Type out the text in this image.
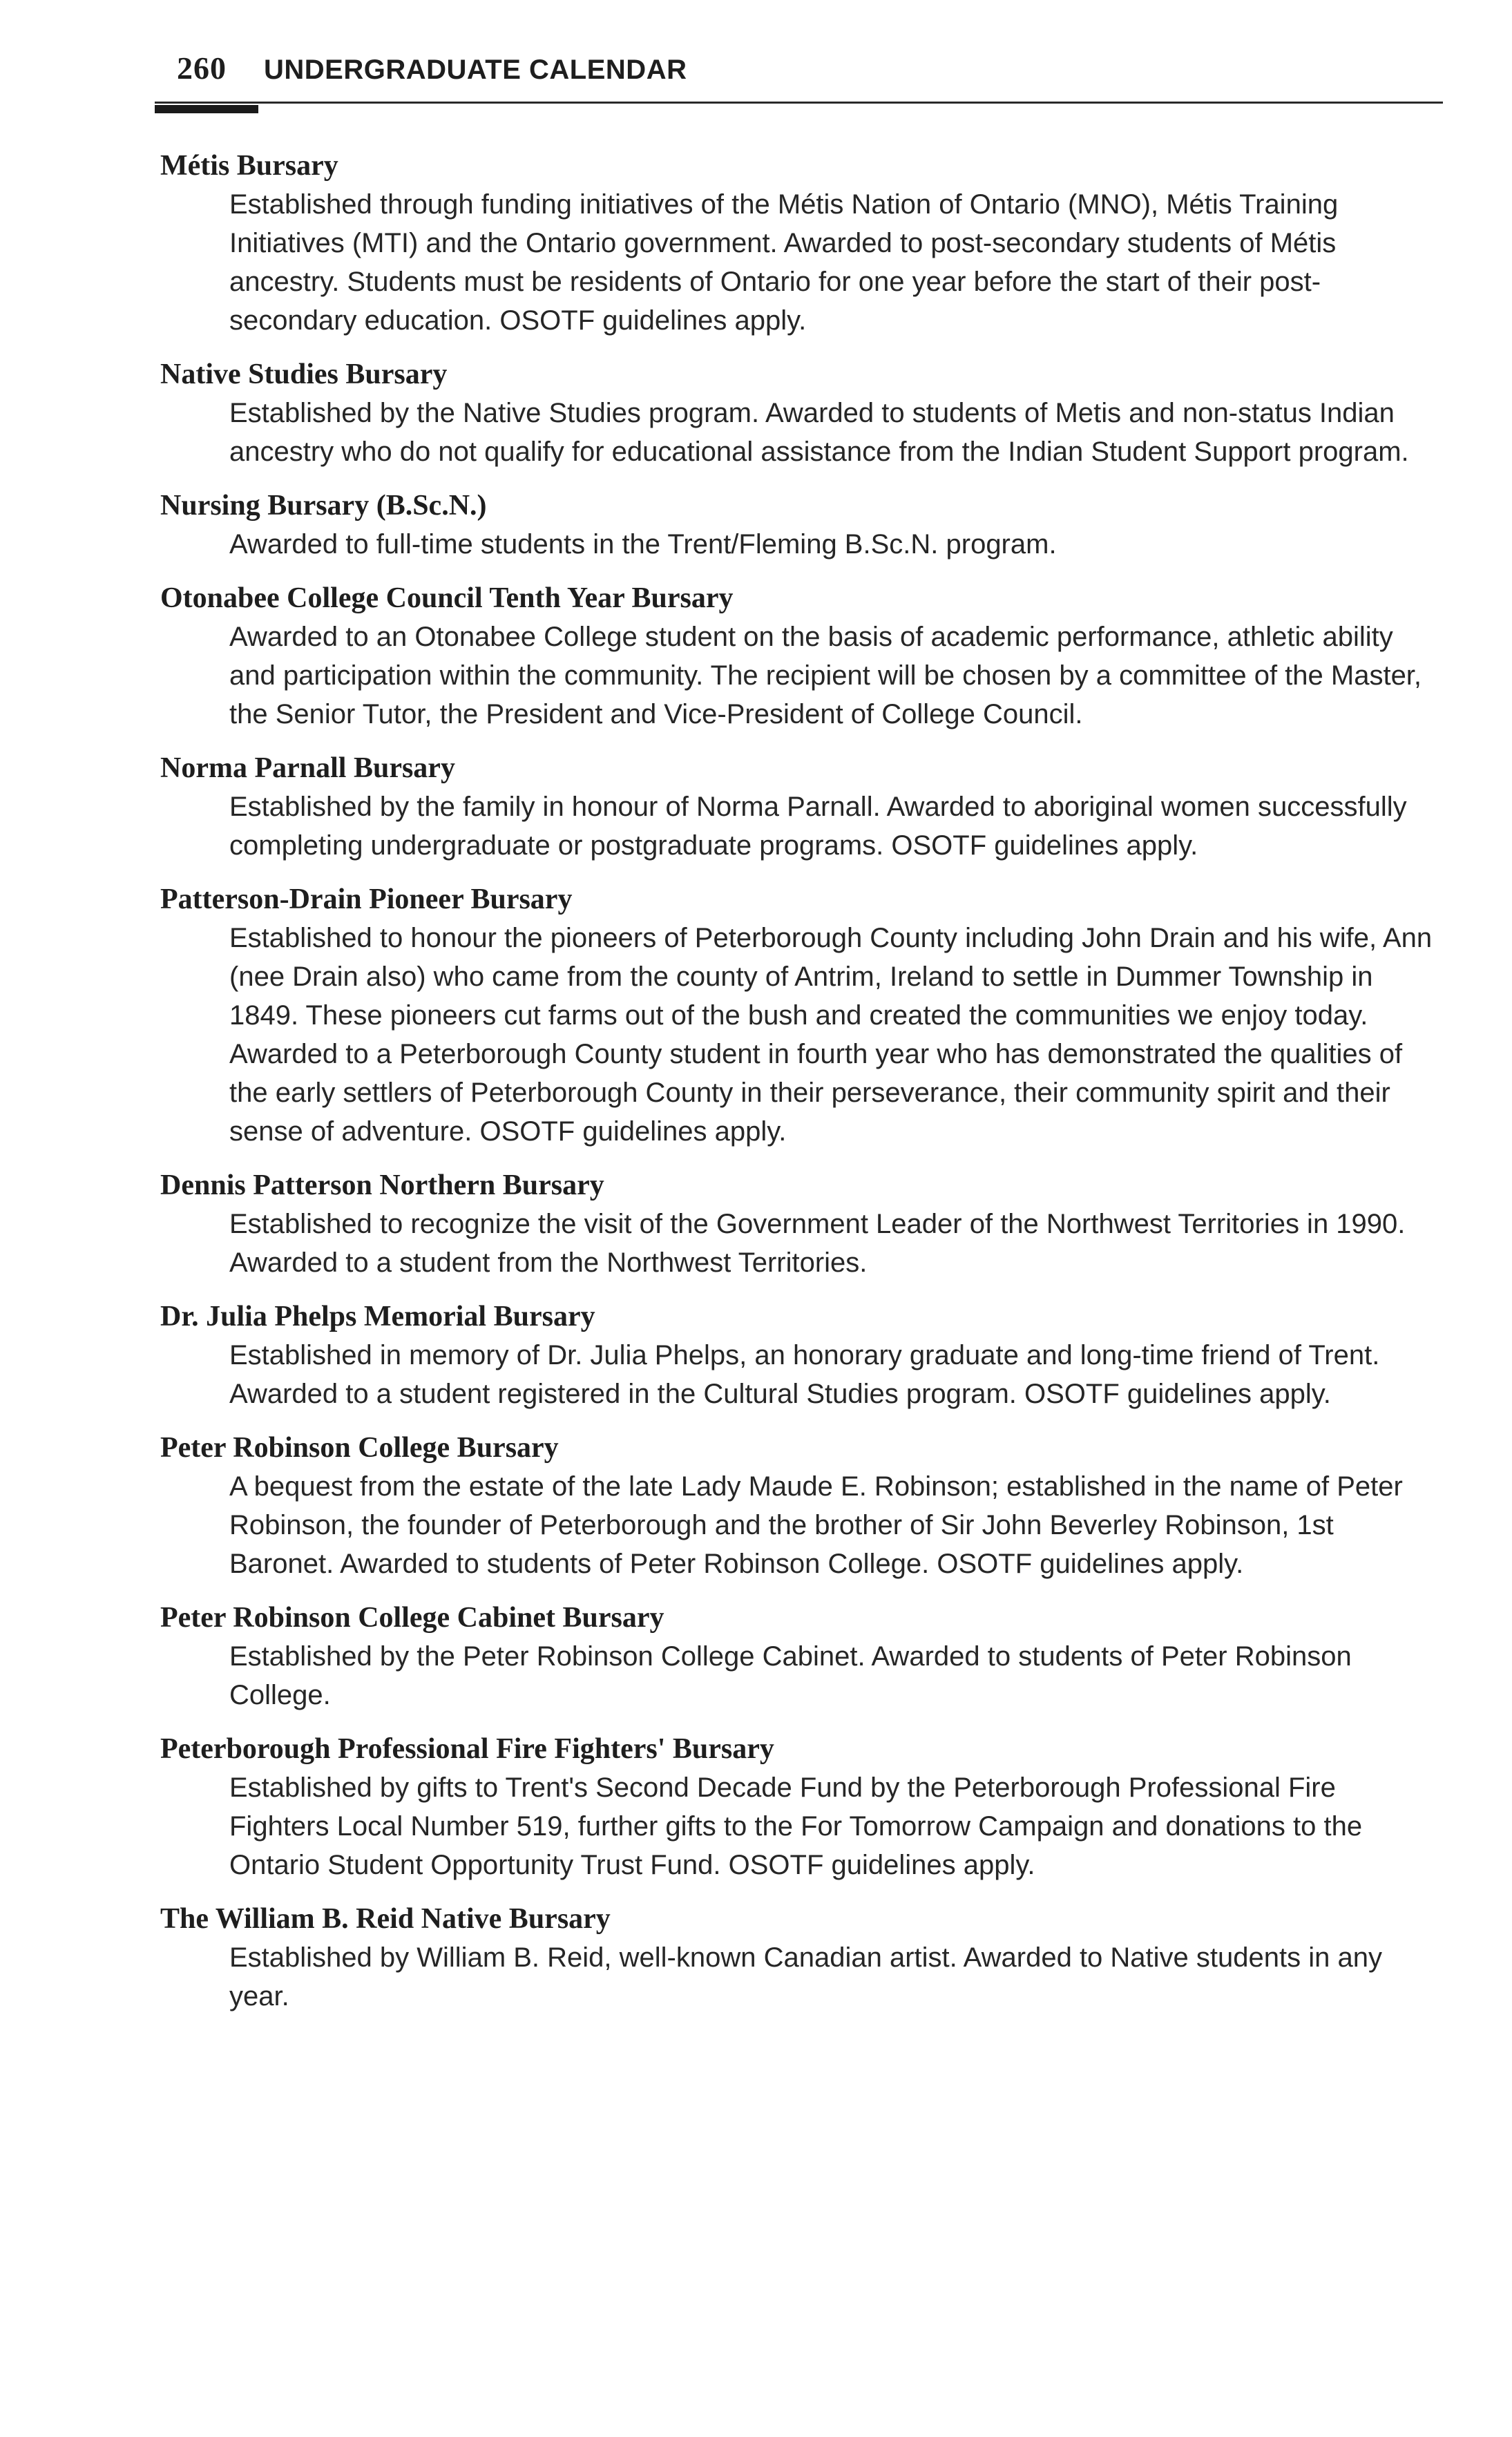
260 UNDERGRADUATE CALENDAR

Métis Bursary

Established through funding initiatives of the Métis Nation of Ontario (MNO), Métis Training Initiatives (MTI) and the Ontario government. Awarded to post-secondary students of Métis ancestry. Students must be residents of Ontario for one year before the start of their post-secondary education. OSOTF guidelines apply.

Native Studies Bursary

Established by the Native Studies program. Awarded to students of Metis and non-status Indian ancestry who do not qualify for educational assistance from the Indian Student Support program.

Nursing Bursary (B.Sc.N.)

Awarded to full-time students in the Trent/Fleming B.Sc.N. program.

Otonabee College Council Tenth Year Bursary

Awarded to an Otonabee College student on the basis of academic performance, athletic ability and participation within the community. The recipient will be chosen by a committee of the Master, the Senior Tutor, the President and Vice-President of College Council.

Norma Parnall Bursary

Established by the family in honour of Norma Parnall. Awarded to aboriginal women successfully completing undergraduate or postgraduate programs. OSOTF guidelines apply.

Patterson-Drain Pioneer Bursary

Established to honour the pioneers of Peterborough County including John Drain and his wife, Ann (nee Drain also) who came from the county of Antrim, Ireland to settle in Dummer Township in 1849. These pioneers cut farms out of the bush and created the communities we enjoy today. Awarded to a Peterborough County student in fourth year who has demonstrated the qualities of the early settlers of Peterborough County in their perseverance, their community spirit and their sense of adventure. OSOTF guidelines apply.

Dennis Patterson Northern Bursary

Established to recognize the visit of the Government Leader of the Northwest Territories in 1990. Awarded to a student from the Northwest Territories.

Dr. Julia Phelps Memorial Bursary

Established in memory of Dr. Julia Phelps, an honorary graduate and long-time friend of Trent. Awarded to a student registered in the Cultural Studies program. OSOTF guidelines apply.

Peter Robinson College Bursary

A bequest from the estate of the late Lady Maude E. Robinson; established in the name of Peter Robinson, the founder of Peterborough and the brother of Sir John Beverley Robinson, 1st Baronet. Awarded to students of Peter Robinson College. OSOTF guidelines apply.

Peter Robinson College Cabinet Bursary

Established by the Peter Robinson College Cabinet. Awarded to students of Peter Robinson College.

Peterborough Professional Fire Fighters' Bursary

Established by gifts to Trent's Second Decade Fund by the Peterborough Professional Fire Fighters Local Number 519, further gifts to the For Tomorrow Campaign and donations to the Ontario Student Opportunity Trust Fund. OSOTF guidelines apply.

The William B. Reid Native Bursary

Established by William B. Reid, well-known Canadian artist. Awarded to Native students in any year.
